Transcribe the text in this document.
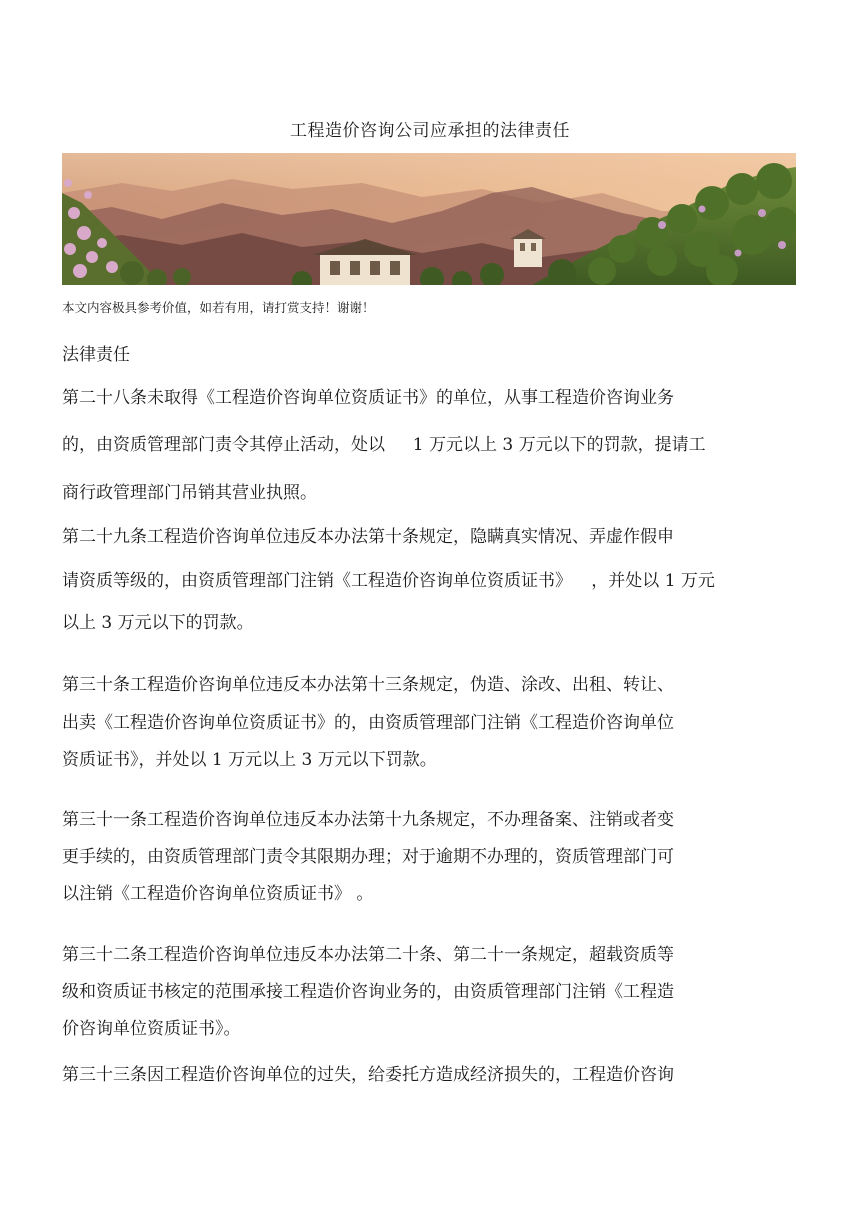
工程造价咨询公司应承担的法律责任
本文内容极具参考价值，如若有用，请打赏支持！谢谢！
法律责任
第二十八条未取得《工程造价咨询单位资质证书》的单位，从事工程造价咨询业务
的，由资质管理部门责令其停止活动，处以　  1 万元以上 3 万元以下的罚款，提请工
商行政管理部门吊销其营业执照。
第二十九条工程造价咨询单位违反本办法第十条规定，隐瞒真实情况、弄虚作假申
请资质等级的，由资质管理部门注销《工程造价咨询单位资质证书》　  ，并处以 1 万元
以上 3 万元以下的罚款。
第三十条工程造价咨询单位违反本办法第十三条规定，伪造、涂改、出租、转让、
出卖《工程造价咨询单位资质证书》的，由资质管理部门注销《工程造价咨询单位
资质证书》，并处以 1 万元以上 3 万元以下罚款。
第三十一条工程造价咨询单位违反本办法第十九条规定，不办理备案、注销或者变
更手续的，由资质管理部门责令其限期办理；对于逾期不办理的，资质管理部门可
以注销《工程造价咨询单位资质证书》 。
第三十二条工程造价咨询单位违反本办法第二十条、第二十一条规定，超载资质等
级和资质证书核定的范围承接工程造价咨询业务的，由资质管理部门注销《工程造
价咨询单位资质证书》。
第三十三条因工程造价咨询单位的过失，给委托方造成经济损失的，工程造价咨询
